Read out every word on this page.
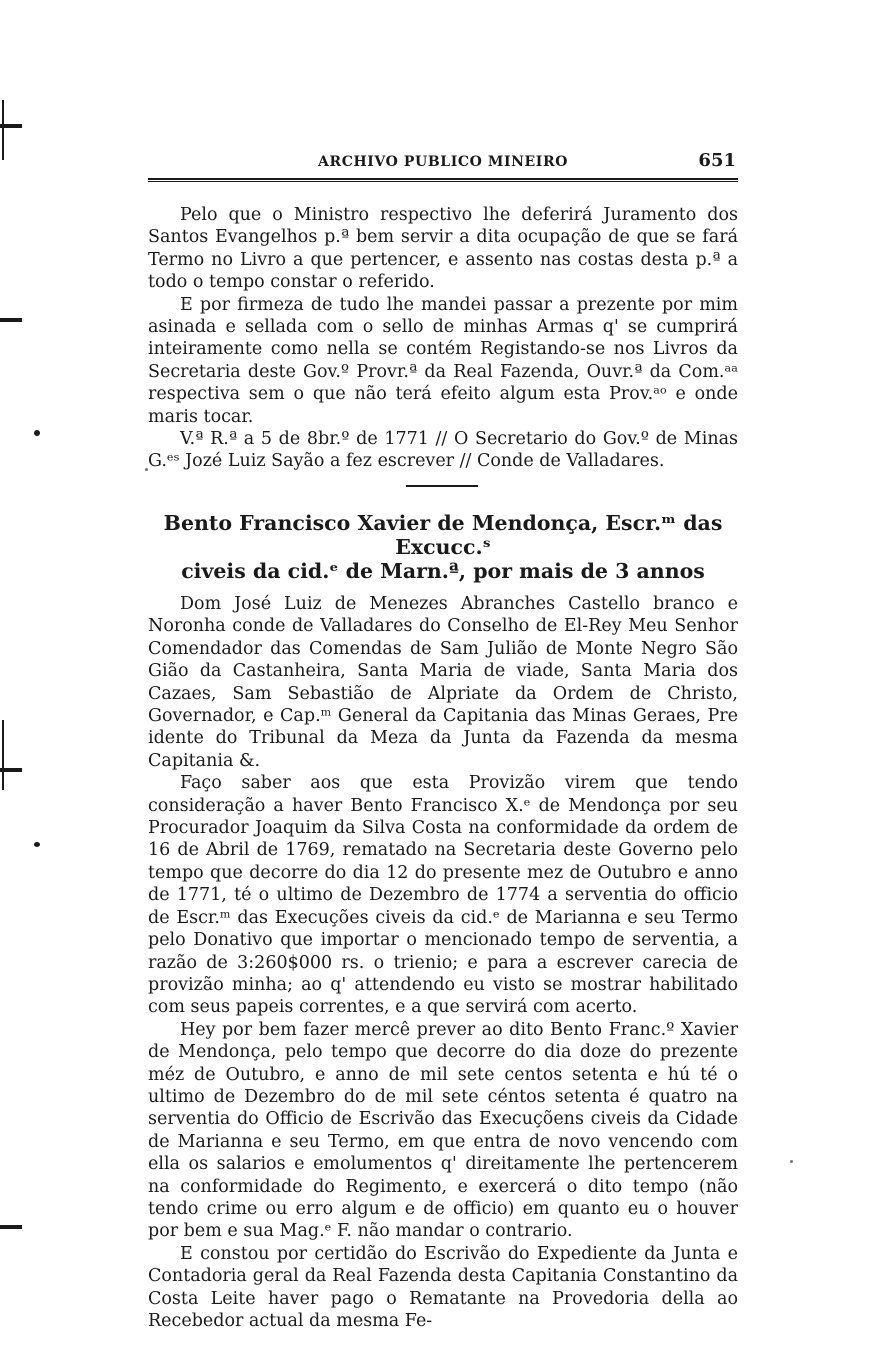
ARCHIVO PUBLICO MINEIRO	651

Pelo que o Ministro respectivo lhe deferirá Juramento dos Santos Evangelhos p.ª bem servir a dita ocupação de que se fará Termo no Livro a que pertencer, e assento nas costas desta p.ª a todo o tempo constar o referido.

E por firmeza de tudo lhe mandei passar a prezente por mim asinada e sellada com o sello de minhas Armas q' se cumprirá inteiramente como nella se contém Registando-se nos Livros da Secretaria deste Gov.º Provr.ª da Real Fazenda, Ouvr.ª da Com.ᵃᵃ respectiva sem o que não terá efeito algum esta Prov.ᵃᵒ e onde maris tocar.

V.ª R.ª a 5 de 8br.º de 1771 // O Secretario do Gov.º de Minas G.ᵉˢ Jozé Luiz Sayão a fez escrever // Conde de Valladares.

Bento Francisco Xavier de Mendonça, Escr.ᵐ das Excucc.ˢ
civeis da cid.ᵉ de Marn.ª, por mais de 3 annos

Dom José Luiz de Menezes Abranches Castello branco e Noronha conde de Valladares do Conselho de El-Rey Meu Senhor Comendador das Comendas de Sam Julião de Monte Negro São Gião da Castanheira, Santa Maria de viade, Santa Maria dos Cazaes, Sam Sebastião de Alpriate da Ordem de Christo, Governador, e Cap.ᵐ General da Capitania das Minas Geraes, Pre idente do Tribunal da Meza da Junta da Fazenda da mesma Capitania &.

Faço saber aos que esta Provizão virem que tendo consideração a haver Bento Francisco X.ᵉ de Mendonça por seu Procurador Joaquim da Silva Costa na conformidade da ordem de 16 de Abril de 1769, rematado na Secretaria deste Governo pelo tempo que decorre do dia 12 do presente mez de Outubro e anno de 1771, té o ultimo de Dezembro de 1774 a serventia do officio de Escr.ᵐ das Execuções civeis da cid.ᵉ de Marianna e seu Termo pelo Donativo que importar o mencionado tempo de serventia, a razão de 3:260$000 rs. o trienio; e para a escrever carecia de provizão minha; ao q' attendendo eu visto se mostrar habilitado com seus papeis correntes, e a que servirá com acerto.

Hey por bem fazer mercê prever ao dito Bento Franc.º Xavier de Mendonça, pelo tempo que decorre do dia doze do prezente méz de Outubro, e anno de mil sete centos setenta e hú té o ultimo de Dezembro do de mil sete céntos setenta é quatro na serventia do Officio de Escrivão das Execuçõens civeis da Cidade de Marianna e seu Termo, em que entra de novo vencendo com ella os salarios e emolumentos q' direitamente lhe pertencerem na conformidade do Regimento, e exercerá o dito tempo (não tendo crime ou erro algum e de officio) em quanto eu o houver por bem e sua Mag.ᵉ F. não mandar o contrario.

E constou por certidão do Escrivão do Expediente da Junta e Contadoria geral da Real Fazenda desta Capitania Constantino da Costa Leite haver pago o Rematante na Provedoria della ao Recebedor actual da mesma Fe-
